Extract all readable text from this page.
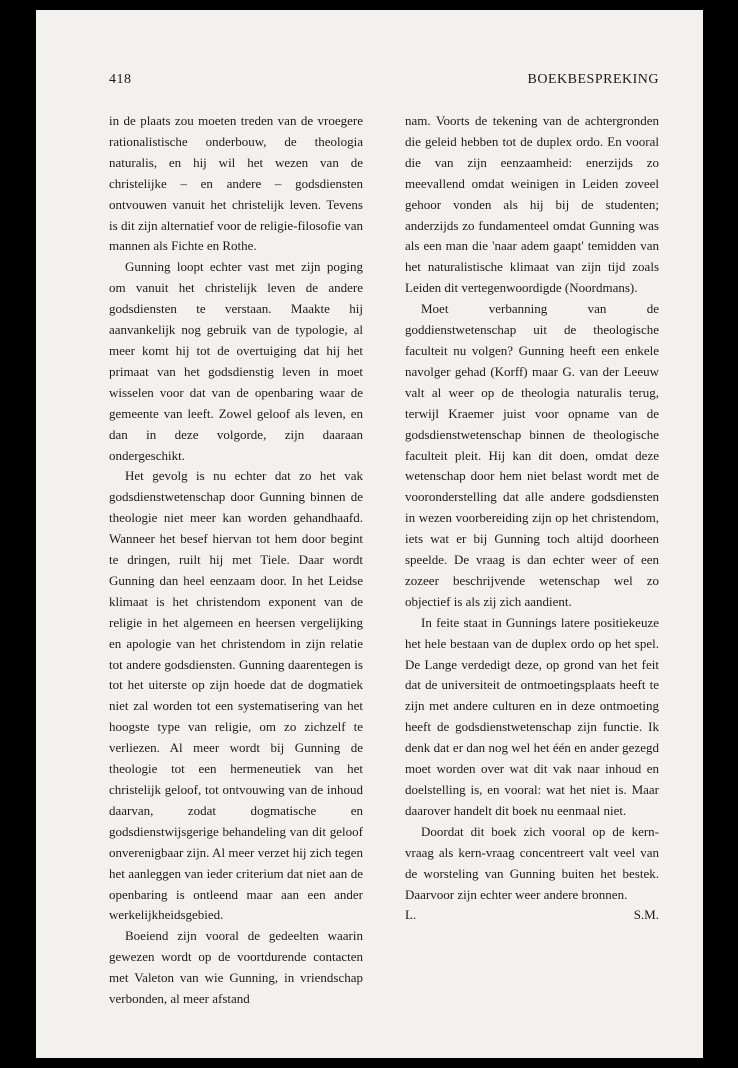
418	BOEKBESPREKING

in de plaats zou moeten treden van de vroegere rationalistische onderbouw, de theologia naturalis, en hij wil het wezen van de christelijke – en andere – godsdiensten ontvouwen vanuit het christelijk leven. Tevens is dit zijn alternatief voor de religie-filosofie van mannen als Fichte en Rothe.

Gunning loopt echter vast met zijn poging om vanuit het christelijk leven de andere godsdiensten te verstaan. Maakte hij aanvankelijk nog gebruik van de typologie, al meer komt hij tot de overtuiging dat hij het primaat van het godsdienstig leven in moet wisselen voor dat van de openbaring waar de gemeente van leeft. Zowel geloof als leven, en dan in deze volgorde, zijn daaraan ondergeschikt.

Het gevolg is nu echter dat zo het vak godsdienstwetenschap door Gunning binnen de theologie niet meer kan worden gehandhaafd. Wanneer het besef hiervan tot hem door begint te dringen, ruilt hij met Tiele. Daar wordt Gunning dan heel eenzaam door. In het Leidse klimaat is het christendom exponent van de religie in het algemeen en heersen vergelijking en apologie van het christendom in zijn relatie tot andere godsdiensten. Gunning daarentegen is tot het uiterste op zijn hoede dat de dogmatiek niet zal worden tot een systematisering van het hoogste type van religie, om zo zichzelf te verliezen. Al meer wordt bij Gunning de theologie tot een hermeneutiek van het christelijk geloof, tot ontvouwing van de inhoud daarvan, zodat dogmatische en godsdienstwijsgerige behandeling van dit geloof onverenigbaar zijn. Al meer verzet hij zich tegen het aanleggen van ieder criterium dat niet aan de openbaring is ontleend maar aan een ander werkelijkheidsgebied.

Boeiend zijn vooral de gedeelten waarin gewezen wordt op de voortdurende contacten met Valeton van wie Gunning, in vriendschap verbonden, al meer afstand

nam. Voorts de tekening van de achtergronden die geleid hebben tot de duplex ordo. En vooral die van zijn eenzaamheid: enerzijds zo meevallend omdat weinigen in Leiden zoveel gehoor vonden als hij bij de studenten; anderzijds zo fundamenteel omdat Gunning was als een man die 'naar adem gaapt' temidden van het naturalistische klimaat van zijn tijd zoals Leiden dit vertegenwoordigde (Noordmans).

Moet verbanning van de goddienstwetenschap uit de theologische faculteit nu volgen? Gunning heeft een enkele navolger gehad (Korff) maar G. van der Leeuw valt al weer op de theologia naturalis terug, terwijl Kraemer juist voor opname van de godsdienstwetenschap binnen de theologische faculteit pleit. Hij kan dit doen, omdat deze wetenschap door hem niet belast wordt met de vooronderstelling dat alle andere godsdiensten in wezen voorbereiding zijn op het christendom, iets wat er bij Gunning toch altijd doorheen speelde. De vraag is dan echter weer of een zozeer beschrijvende wetenschap wel zo objectief is als zij zich aandient.

In feite staat in Gunnings latere positiekeuze het hele bestaan van de duplex ordo op het spel. De Lange verdedigt deze, op grond van het feit dat de universiteit de ontmoetingsplaats heeft te zijn met andere culturen en in deze ontmoeting heeft de godsdienstwetenschap zijn functie. Ik denk dat er dan nog wel het één en ander gezegd moet worden over wat dit vak naar inhoud en doelstelling is, en vooral: wat het niet is. Maar daarover handelt dit boek nu eenmaal niet.

Doordat dit boek zich vooral op de kern-vraag als kern-vraag concentreert valt veel van de worsteling van Gunning buiten het bestek. Daarvoor zijn echter weer andere bronnen.

L.	S.M.
